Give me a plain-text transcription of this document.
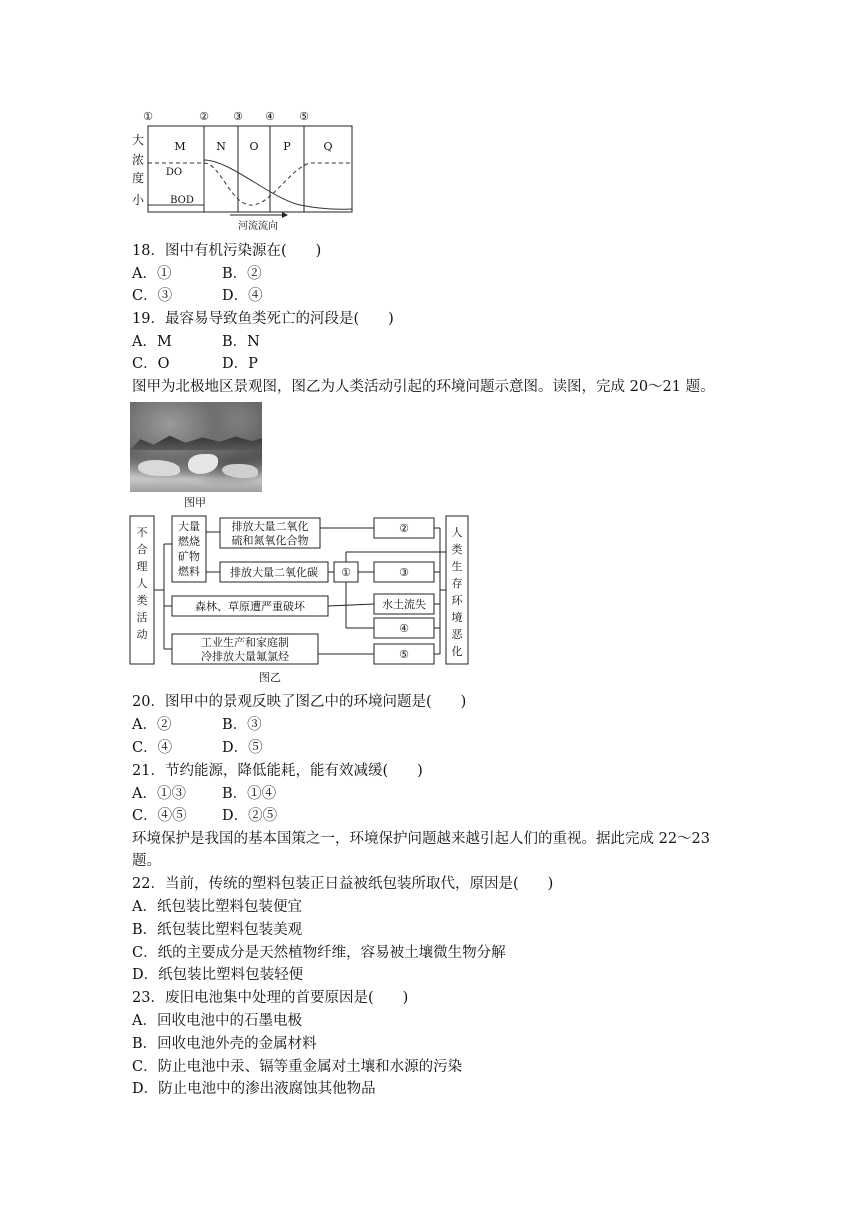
①	② ③ ④ ⑤
M	N O P	Q
大
浓
度
小
DO
BOD
河流流向
18．图中有机污染源在(　　)
A．①	B．②
C．③	D．④
19．最容易导致鱼类死亡的河段是(　　)
A．M	B．N
C．O	D．P
图甲为北极地区景观图，图乙为人类活动引起的环境问题示意图。读图，完成 20～21 题。
图甲
不
合
理
人
类
活
动
大量
燃烧
矿物
燃料
排放大量二氧化
硫和氮氧化合物
排放大量二氧化碳 ①
森林、草原遭严重破坏
工业生产和家庭制
冷排放大量氟氯烃
②
③
水土流失
④
⑤
人
类
生
存
环
境
恶
化
图乙
20．图甲中的景观反映了图乙中的环境问题是(　　)
A．②	B．③
C．④	D．⑤
21．节约能源，降低能耗，能有效减缓(　　)
A．①③ B．①④
C．④⑤ D．②⑤
环境保护是我国的基本国策之一，环境保护问题越来越引起人们的重视。据此完成 22～23
题。
22．当前，传统的塑料包装正日益被纸包装所取代，原因是(　　)
A．纸包装比塑料包装便宜
B．纸包装比塑料包装美观
C．纸的主要成分是天然植物纤维，容易被土壤微生物分解
D．纸包装比塑料包装轻便
23．废旧电池集中处理的首要原因是(　　)
A．回收电池中的石墨电极
B．回收电池外壳的金属材料
C．防止电池中汞、镉等重金属对土壤和水源的污染
D．防止电池中的渗出液腐蚀其他物品
